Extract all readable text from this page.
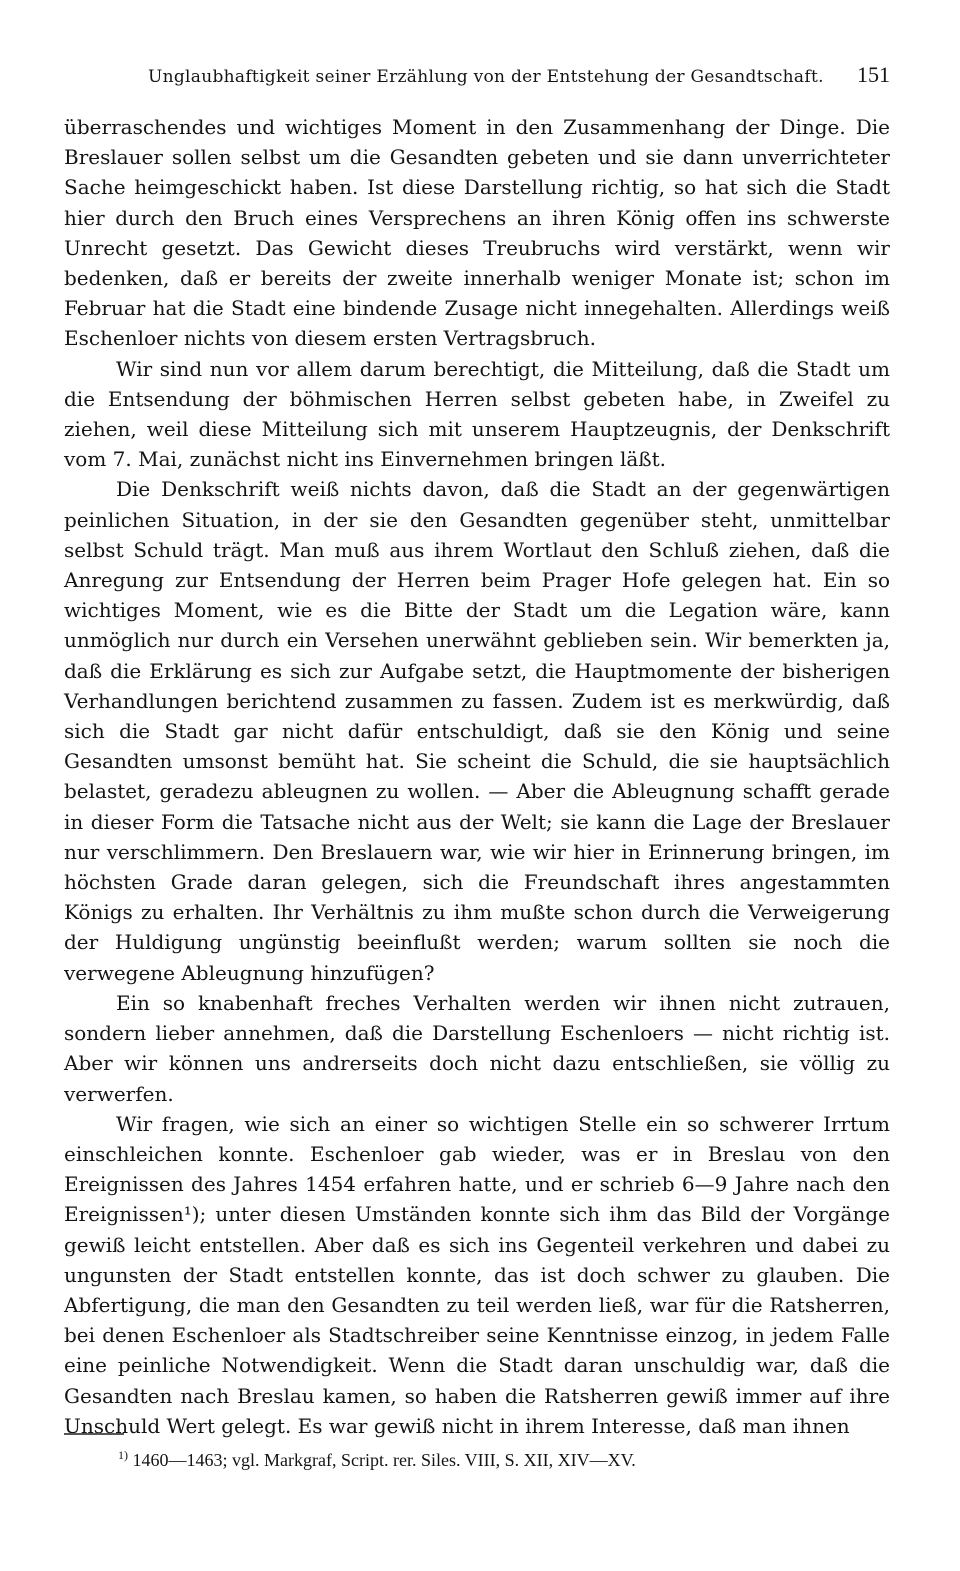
Unglaubhaftigkeit seiner Erzählung von der Entstehung der Gesandtschaft. 151

überraschendes und wichtiges Moment in den Zusammenhang der Dinge. Die Breslauer sollen selbst um die Gesandten gebeten und sie dann unverrichteter Sache heimgeschickt haben. Ist diese Darstellung richtig, so hat sich die Stadt hier durch den Bruch eines Versprechens an ihren König offen ins schwerste Unrecht gesetzt. Das Gewicht dieses Treubruchs wird verstärkt, wenn wir bedenken, daß er bereits der zweite innerhalb weniger Monate ist; schon im Februar hat die Stadt eine bindende Zusage nicht innegehalten. Allerdings weiß Eschenloer nichts von diesem ersten Vertragsbruch.

Wir sind nun vor allem darum berechtigt, die Mitteilung, daß die Stadt um die Entsendung der böhmischen Herren selbst gebeten habe, in Zweifel zu ziehen, weil diese Mitteilung sich mit unserem Hauptzeugnis, der Denkschrift vom 7. Mai, zunächst nicht ins Einvernehmen bringen läßt.

Die Denkschrift weiß nichts davon, daß die Stadt an der gegenwärtigen peinlichen Situation, in der sie den Gesandten gegenüber steht, unmittelbar selbst Schuld trägt. Man muß aus ihrem Wortlaut den Schluß ziehen, daß die Anregung zur Entsendung der Herren beim Prager Hofe gelegen hat. Ein so wichtiges Moment, wie es die Bitte der Stadt um die Legation wäre, kann unmöglich nur durch ein Versehen unerwähnt geblieben sein. Wir bemerkten ja, daß die Erklärung es sich zur Aufgabe setzt, die Hauptmomente der bisherigen Verhandlungen berichtend zusammen zu fassen. Zudem ist es merkwürdig, daß sich die Stadt gar nicht dafür entschuldigt, daß sie den König und seine Gesandten umsonst bemüht hat. Sie scheint die Schuld, die sie hauptsächlich belastet, geradezu ableugnen zu wollen. — Aber die Ableugnung schafft gerade in dieser Form die Tatsache nicht aus der Welt; sie kann die Lage der Breslauer nur verschlimmern. Den Breslauern war, wie wir hier in Erinnerung bringen, im höchsten Grade daran gelegen, sich die Freundschaft ihres angestammten Königs zu erhalten. Ihr Verhältnis zu ihm mußte schon durch die Verweigerung der Huldigung ungünstig beeinflußt werden; warum sollten sie noch die verwegene Ableugnung hinzufügen?

Ein so knabenhaft freches Verhalten werden wir ihnen nicht zutrauen, sondern lieber annehmen, daß die Darstellung Eschenloers — nicht richtig ist. Aber wir können uns andrerseits doch nicht dazu entschließen, sie völlig zu verwerfen.

Wir fragen, wie sich an einer so wichtigen Stelle ein so schwerer Irrtum einschleichen konnte. Eschenloer gab wieder, was er in Breslau von den Ereignissen des Jahres 1454 erfahren hatte, und er schrieb 6—9 Jahre nach den Ereignissen¹); unter diesen Umständen konnte sich ihm das Bild der Vorgänge gewiß leicht entstellen. Aber daß es sich ins Gegenteil verkehren und dabei zu ungunsten der Stadt entstellen konnte, das ist doch schwer zu glauben. Die Abfertigung, die man den Gesandten zu teil werden ließ, war für die Ratsherren, bei denen Eschenloer als Stadtschreiber seine Kenntnisse einzog, in jedem Falle eine peinliche Notwendigkeit. Wenn die Stadt daran unschuldig war, daß die Gesandten nach Breslau kamen, so haben die Ratsherren gewiß immer auf ihre Unschuld Wert gelegt. Es war gewiß nicht in ihrem Interesse, daß man ihnen

$^{1)}$ 1460—1463; vgl. Markgraf, Script. rer. Siles. VIII, S. XII, XIV—XV.
